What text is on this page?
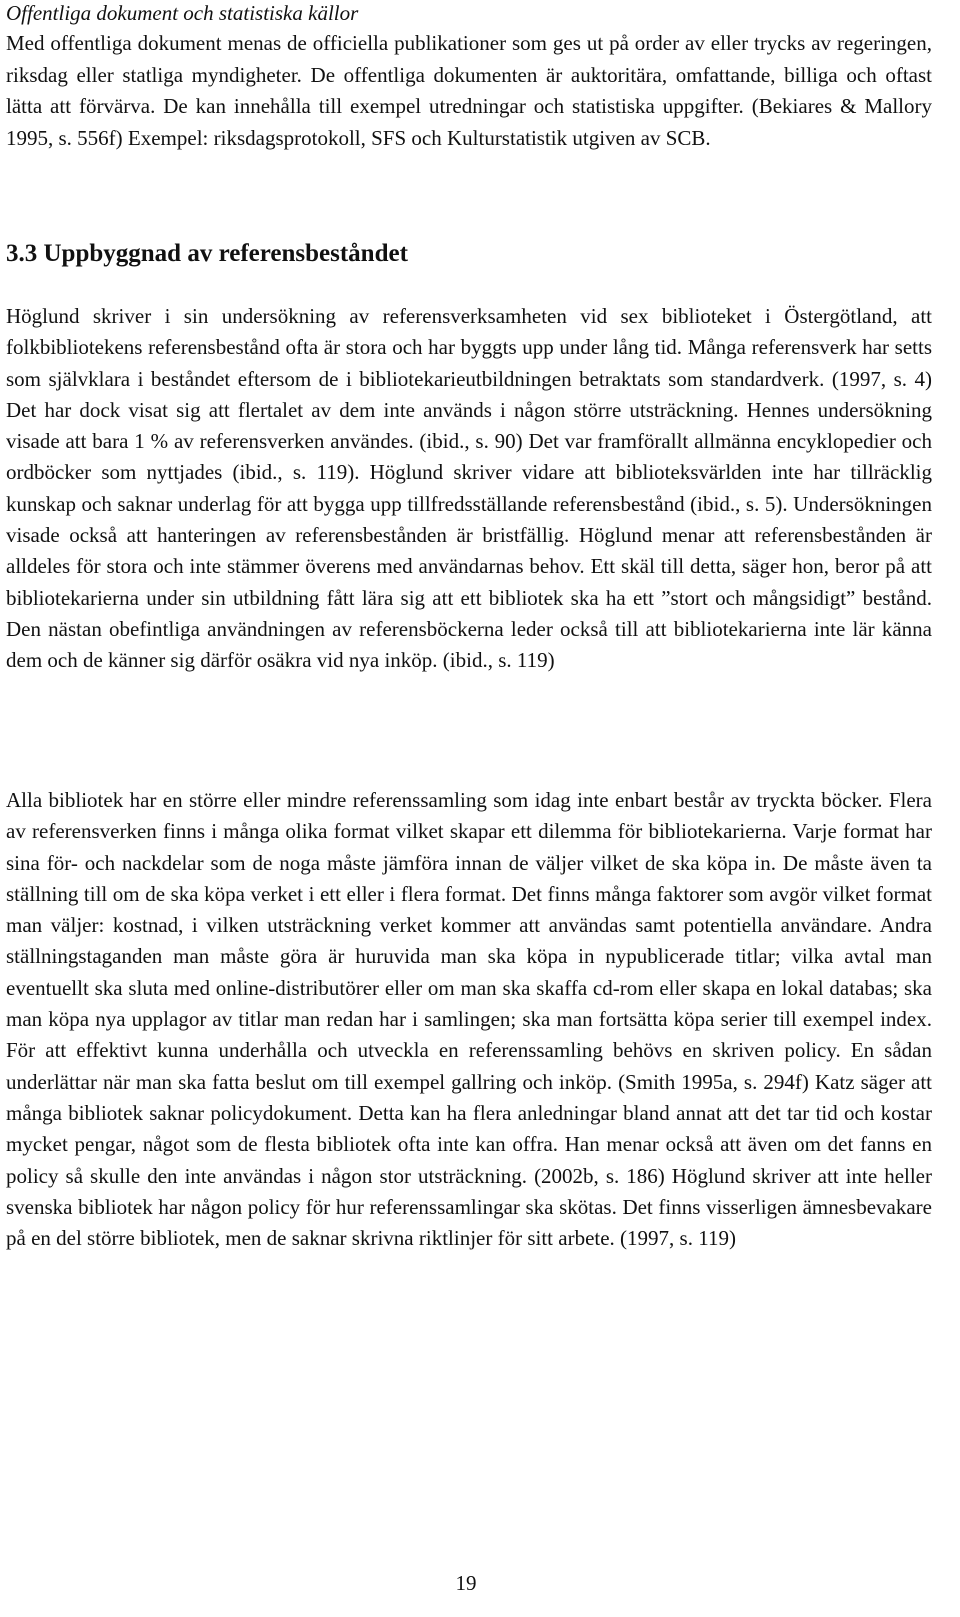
Offentliga dokument och statistiska källor
Med offentliga dokument menas de officiella publikationer som ges ut på order av eller trycks av regeringen, riksdag eller statliga myndigheter. De offentliga dokumenten är auktoritära, omfattande, billiga och oftast lätta att förvärva. De kan innehålla till exempel utredningar och statistiska uppgifter. (Bekiares & Mallory 1995, s. 556f) Exempel: riksdagsprotokoll, SFS och Kulturstatistik utgiven av SCB.
3.3 Uppbyggnad av referensbeståndet
Höglund skriver i sin undersökning av referensverksamheten vid sex biblioteket i Östergötland, att folkbibliotekens referensbestånd ofta är stora och har byggts upp under lång tid. Många referensverk har setts som självklara i beståndet eftersom de i bibliotekarieutbildningen betraktats som standardverk. (1997, s. 4) Det har dock visat sig att flertalet av dem inte används i någon större utsträckning. Hennes undersökning visade att bara 1 % av referensverken användes. (ibid., s. 90) Det var framförallt allmänna encyklopedier och ordböcker som nyttjades (ibid., s. 119). Höglund skriver vidare att biblioteksvärlden inte har tillräcklig kunskap och saknar underlag för att bygga upp tillfredsställande referensbestånd (ibid., s. 5). Undersökningen visade också att hanteringen av referensbestånden är bristfällig. Höglund menar att referensbestånden är alldeles för stora och inte stämmer överens med användarnas behov. Ett skäl till detta, säger hon, beror på att bibliotekarierna under sin utbildning fått lära sig att ett bibliotek ska ha ett ”stort och mångsidigt” bestånd. Den nästan obefintliga användningen av referensböckerna leder också till att bibliotekarierna inte lär känna dem och de känner sig därför osäkra vid nya inköp. (ibid., s. 119)
Alla bibliotek har en större eller mindre referenssamling som idag inte enbart består av tryckta böcker. Flera av referensverken finns i många olika format vilket skapar ett dilemma för bibliotekarierna. Varje format har sina för- och nackdelar som de noga måste jämföra innan de väljer vilket de ska köpa in. De måste även ta ställning till om de ska köpa verket i ett eller i flera format. Det finns många faktorer som avgör vilket format man väljer: kostnad, i vilken utsträckning verket kommer att användas samt potentiella användare. Andra ställningstaganden man måste göra är huruvida man ska köpa in nypublicerade titlar; vilka avtal man eventuellt ska sluta med online-distributörer eller om man ska skaffa cd-rom eller skapa en lokal databas; ska man köpa nya upplagor av titlar man redan har i samlingen; ska man fortsätta köpa serier till exempel index. För att effektivt kunna underhålla och utveckla en referenssamling behövs en skriven policy. En sådan underlättar när man ska fatta beslut om till exempel gallring och inköp. (Smith 1995a, s. 294f) Katz säger att många bibliotek saknar policydokument. Detta kan ha flera anledningar bland annat att det tar tid och kostar mycket pengar, något som de flesta bibliotek ofta inte kan offra. Han menar också att även om det fanns en policy så skulle den inte användas i någon stor utsträckning. (2002b, s. 186) Höglund skriver att inte heller svenska bibliotek har någon policy för hur referenssamlingar ska skötas. Det finns visserligen ämnesbevakare på en del större bibliotek, men de saknar skrivna riktlinjer för sitt arbete. (1997, s. 119)
19
